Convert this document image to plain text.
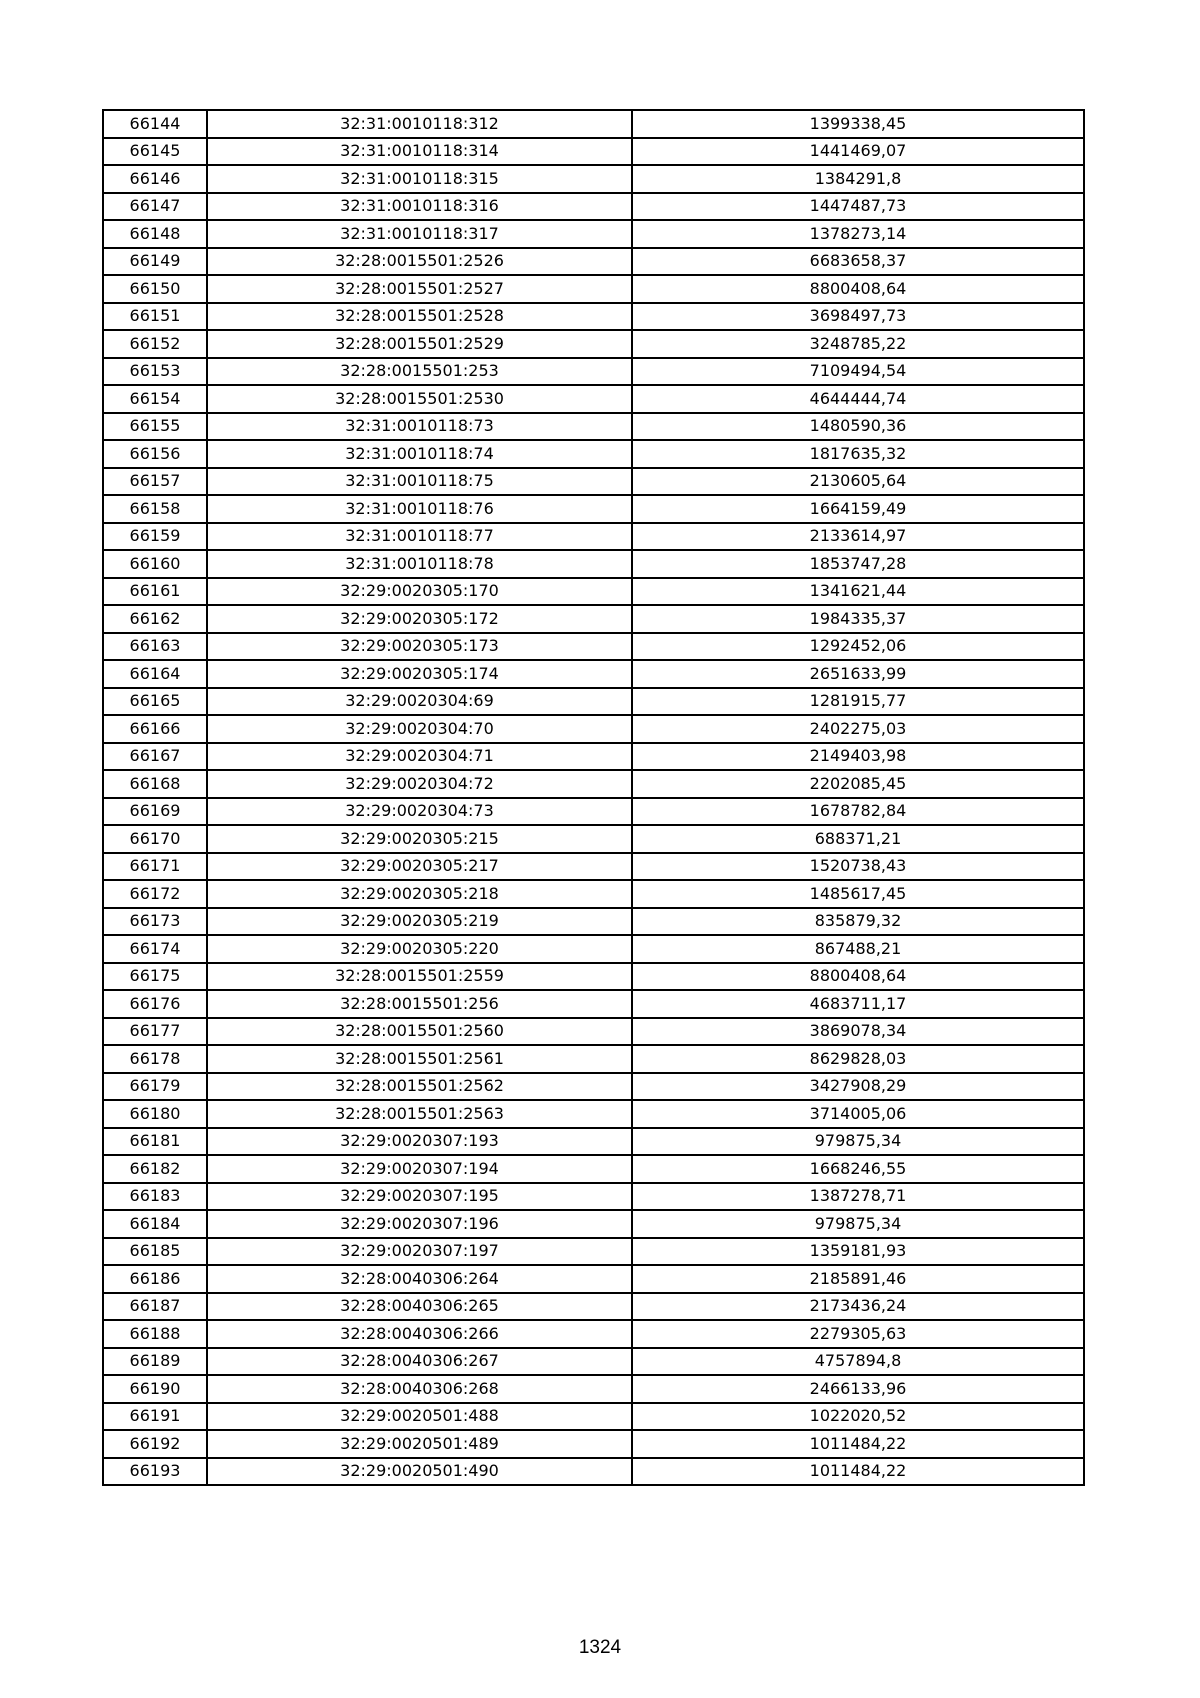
66144	32:31:0010118:312	1399338,45
66145	32:31:0010118:314	1441469,07
66146	32:31:0010118:315	1384291,8
66147	32:31:0010118:316	1447487,73
66148	32:31:0010118:317	1378273,14
66149	32:28:0015501:2526	6683658,37
66150	32:28:0015501:2527	8800408,64
66151	32:28:0015501:2528	3698497,73
66152	32:28:0015501:2529	3248785,22
66153	32:28:0015501:253	7109494,54
66154	32:28:0015501:2530	4644444,74
66155	32:31:0010118:73	1480590,36
66156	32:31:0010118:74	1817635,32
66157	32:31:0010118:75	2130605,64
66158	32:31:0010118:76	1664159,49
66159	32:31:0010118:77	2133614,97
66160	32:31:0010118:78	1853747,28
66161	32:29:0020305:170	1341621,44
66162	32:29:0020305:172	1984335,37
66163	32:29:0020305:173	1292452,06
66164	32:29:0020305:174	2651633,99
66165	32:29:0020304:69	1281915,77
66166	32:29:0020304:70	2402275,03
66167	32:29:0020304:71	2149403,98
66168	32:29:0020304:72	2202085,45
66169	32:29:0020304:73	1678782,84
66170	32:29:0020305:215	688371,21
66171	32:29:0020305:217	1520738,43
66172	32:29:0020305:218	1485617,45
66173	32:29:0020305:219	835879,32
66174	32:29:0020305:220	867488,21
66175	32:28:0015501:2559	8800408,64
66176	32:28:0015501:256	4683711,17
66177	32:28:0015501:2560	3869078,34
66178	32:28:0015501:2561	8629828,03
66179	32:28:0015501:2562	3427908,29
66180	32:28:0015501:2563	3714005,06
66181	32:29:0020307:193	979875,34
66182	32:29:0020307:194	1668246,55
66183	32:29:0020307:195	1387278,71
66184	32:29:0020307:196	979875,34
66185	32:29:0020307:197	1359181,93
66186	32:28:0040306:264	2185891,46
66187	32:28:0040306:265	2173436,24
66188	32:28:0040306:266	2279305,63
66189	32:28:0040306:267	4757894,8
66190	32:28:0040306:268	2466133,96
66191	32:29:0020501:488	1022020,52
66192	32:29:0020501:489	1011484,22
66193	32:29:0020501:490	1011484,22
1324
